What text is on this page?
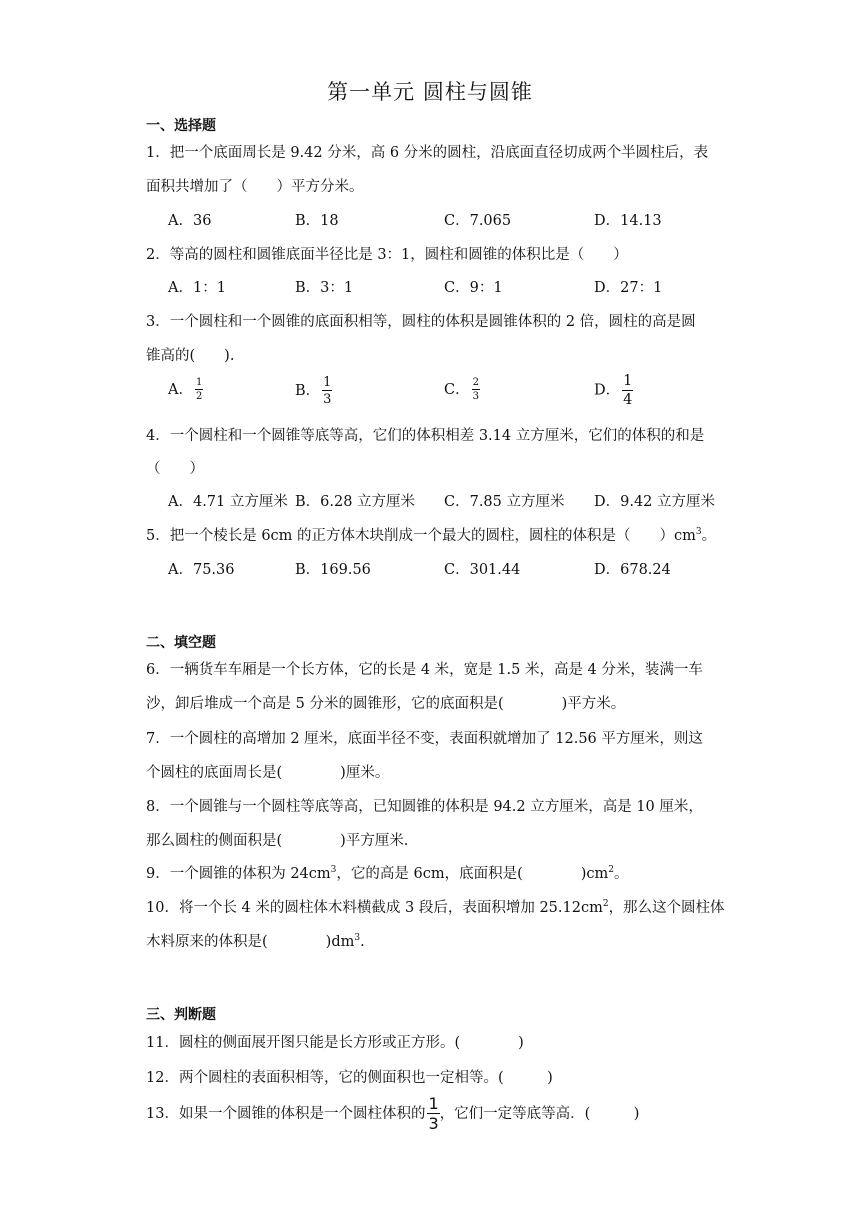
第一单元 圆柱与圆锥
一、选择题
1．把一个底面周长是 9.42 分米，高 6 分米的圆柱，沿底面直径切成两个半圆柱后，表
面积共增加了（　　）平方分米。
A．36	B．18	C．7.065	D．14.13
2．等高的圆柱和圆锥底面半径比是 3：1，圆柱和圆锥的体积比是（　　）
A．1：1	B．3：1	C．9：1	D．27：1
3．一个圆柱和一个圆锥的底面积相等，圆柱的体积是圆锥体积的 2 倍，圆柱的高是圆
锥高的(　　).
A． $\frac{1}{2}$	B． $\frac{1}{3}$	C． $\frac{2}{3}$	D． $\frac{1}{4}$
4．一个圆柱和一个圆锥等底等高，它们的体积相差 3.14 立方厘米，它们的体积的和是
（　　）
A．4.71 立方厘米 B．6.28 立方厘米 C．7.85 立方厘米 D．9.42 立方厘米
5．把一个棱长是 6cm 的正方体木块削成一个最大的圆柱，圆柱的体积是（　　）$cm^3$。
A．75.36	B．169.56	C．301.44	D．678.24
二、填空题
6．一辆货车车厢是一个长方体，它的长是 4 米，宽是 1.5 米，高是 4 分米，装满一车
沙，卸后堆成一个高是 5 分米的圆锥形，它的底面积是(　　　　)平方米。
7．一个圆柱的高增加 2 厘米，底面半径不变，表面积就增加了 12.56 平方厘米，则这
个圆柱的底面周长是(　　　　)厘米。
8．一个圆锥与一个圆柱等底等高，已知圆锥的体积是 94.2 立方厘米，高是 10 厘米，
那么圆柱的侧面积是(　　　　)平方厘米.
9．一个圆锥的体积为 $24cm^3$，它的高是 6cm，底面积是(　　　　)$cm^2$。
10．将一个长 4 米的圆柱体木料横截成 3 段后，表面积增加 $25.12cm^2$，那么这个圆柱体
木料原来的体积是(　　　　)$dm^3$.
三、判断题
11．圆柱的侧面展开图只能是长方形或正方形。(　　　　)
12．两个圆柱的表面积相等，它的侧面积也一定相等。(　　　)
13．如果一个圆锥的体积是一个圆柱体积的 $\frac{1}{3}$ ，它们一定等底等高．(　　　)
